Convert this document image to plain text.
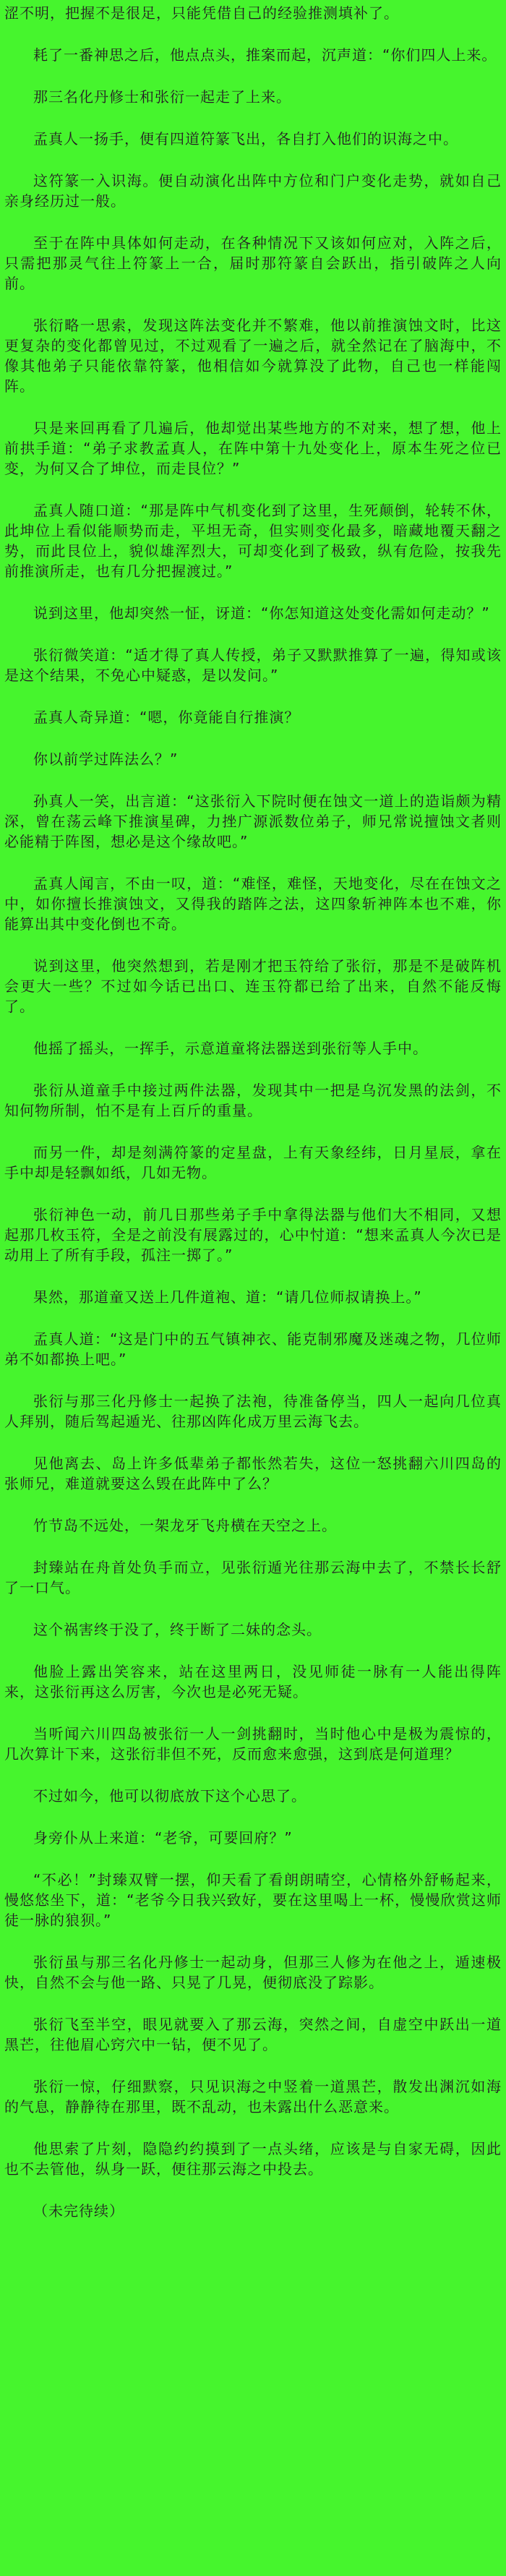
涩不明，把握不是很足，只能凭借自己的经验推测填补了。

耗了一番神思之后，他点点头，推案而起，沉声道：“你们四人上来。

那三名化丹修士和张衍一起走了上来。

孟真人一扬手，便有四道符篆飞出，各自打入他们的识海之中。

这符篆一入识海。便自动演化出阵中方位和门户变化走势，就如自己亲身经历过一般。

至于在阵中具体如何走动，在各种情况下又该如何应对，入阵之后，只需把那灵气往上符篆上一合，届时那符篆自会跃出，指引破阵之人向前。

张衍略一思索，发现这阵法变化并不繁难，他以前推演蚀文时，比这更复杂的变化都曾见过，不过观看了一遍之后，就全然记在了脑海中，不像其他弟子只能依靠符篆，他相信如今就算没了此物，自己也一样能闯阵。

只是来回再看了几遍后，他却觉出某些地方的不对来，想了想，他上前拱手道：“弟子求教孟真人，在阵中第十九处变化上，原本生死之位已变，为何又合了坤位，而走艮位？”

孟真人随口道：“那是阵中气机变化到了这里，生死颠倒，轮转不休，此坤位上看似能顺势而走，平坦无奇，但实则变化最多，暗藏地覆天翻之势，而此艮位上，貌似雄浑烈大，可却变化到了极致，纵有危险，按我先前推演所走，也有几分把握渡过。”

说到这里，他却突然一怔，讶道：“你怎知道这处变化需如何走动？”

张衍微笑道：“适才得了真人传授，弟子又默默推算了一遍，得知或该是这个结果，不免心中疑惑，是以发问。”

孟真人奇异道：“嗯，你竟能自行推演？

你以前学过阵法么？”

孙真人一笑，出言道：“这张衍入下院时便在蚀文一道上的造诣颇为精深，曾在荡云峰下推演星碑，力挫广源派数位弟子，师兄常说擅蚀文者则必能精于阵图，想必是这个缘故吧。”

孟真人闻言，不由一叹，道：“难怪，难怪，天地变化，尽在在蚀文之中，如你擅长推演蚀文，又得我的踏阵之法，这四象斩神阵本也不难，你能算出其中变化倒也不奇。

说到这里，他突然想到，若是刚才把玉符给了张衍，那是不是破阵机会更大一些？不过如今话已出口、连玉符都已给了出来，自然不能反悔了。

他摇了摇头，一挥手，示意道童将法器送到张衍等人手中。

张衍从道童手中接过两件法器，发现其中一把是乌沉发黑的法剑，不知何物所制，怕不是有上百斤的重量。

而另一件，却是刻满符篆的定星盘，上有天象经纬，日月星辰，拿在手中却是轻飘如纸，几如无物。

张衍神色一动，前几日那些弟子手中拿得法器与他们大不相同，又想起那几枚玉符，全是之前没有展露过的，心中忖道：“想来孟真人今次已是动用上了所有手段，孤注一掷了。”

果然，那道童又送上几件道袍、道：“请几位师叔请换上。”

孟真人道：“这是门中的五气镇神衣、能克制邪魔及迷魂之物，几位师弟不如都换上吧。”

张衍与那三化丹修士一起换了法袍，待准备停当，四人一起向几位真人拜别，随后驾起遁光、往那凶阵化成万里云海飞去。

见他离去、岛上许多低辈弟子都怅然若失，这位一怒挑翻六川四岛的张师兄，难道就要这么毁在此阵中了么？

竹节岛不远处，一架龙牙飞舟横在天空之上。

封臻站在舟首处负手而立，见张衍遁光往那云海中去了，不禁长长舒了一口气。

这个祸害终于没了，终于断了二妹的念头。

他脸上露出笑容来，站在这里两日，没见师徒一脉有一人能出得阵来，这张衍再这么厉害，今次也是必死无疑。

当听闻六川四岛被张衍一人一剑挑翻时，当时他心中是极为震惊的，几次算计下来，这张衍非但不死，反而愈来愈强，这到底是何道理？

不过如今，他可以彻底放下这个心思了。

身旁仆从上来道：“老爷，可要回府？”

“不必！”封臻双臂一摆，仰天看了看朗朗晴空，心情格外舒畅起来，慢悠悠坐下，道：“老爷今日我兴致好，要在这里喝上一杯，慢慢欣赏这师徒一脉的狼狈。”

张衍虽与那三名化丹修士一起动身，但那三人修为在他之上，遁速极快，自然不会与他一路、只晃了几晃，便彻底没了踪影。

张衍飞至半空，眼见就要入了那云海，突然之间，自虚空中跃出一道黑芒，往他眉心窍穴中一钻，便不见了。

张衍一惊，仔细默察，只见识海之中竖着一道黑芒，散发出渊沉如海的气息，静静待在那里，既不乱动，也未露出什么恶意来。

他思索了片刻，隐隐约约摸到了一点头绪，应该是与自家无碍，因此也不去管他，纵身一跃，便往那云海之中投去。

（未完待续）
